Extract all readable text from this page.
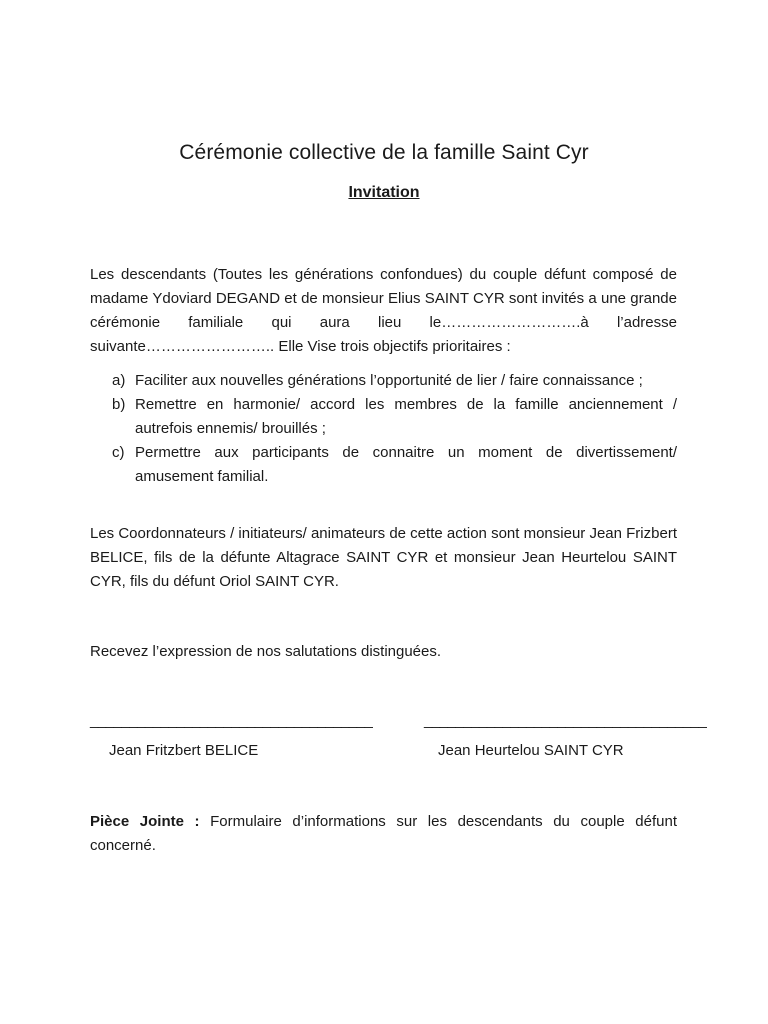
Cérémonie collective de la famille Saint Cyr
Invitation

Les descendants (Toutes les générations confondues) du couple défunt composé de madame Ydoviard DEGAND et de monsieur Elius SAINT CYR sont invités a une grande cérémonie familiale qui aura lieu le……………………….à l’adresse suivante…………………….. Elle Vise trois objectifs prioritaires :

a) Faciliter aux nouvelles générations l’opportunité de lier / faire connaissance ;
b) Remettre en harmonie/ accord les membres de la famille anciennement / autrefois ennemis/ brouillés ;
c) Permettre aux participants de connaitre un moment de divertissement/ amusement familial.

Les Coordonnateurs / initiateurs/ animateurs de cette action sont monsieur Jean Frizbert BELICE, fils de la défunte Altagrace SAINT CYR et monsieur Jean Heurtelou SAINT CYR, fils du défunt Oriol SAINT CYR.

Recevez l’expression de nos salutations distinguées.

____________________________________	____________________________________
Jean Fritzbert BELICE	Jean Heurtelou SAINT CYR

Pièce Jointe : Formulaire d’informations sur les descendants du couple défunt concerné.
